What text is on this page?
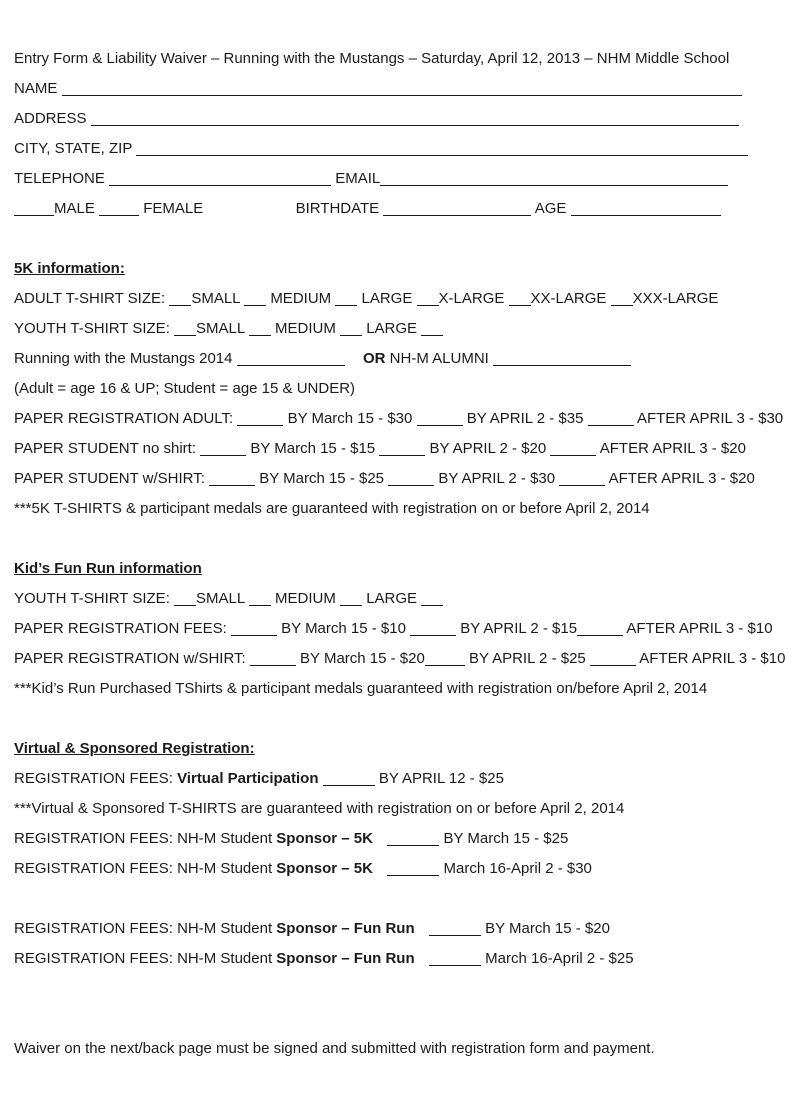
Entry Form & Liability Waiver – Running with the Mustangs – Saturday, April 12, 2013 – NHM Middle School
NAME
ADDRESS
CITY, STATE, ZIP
TELEPHONE	EMAIL
MALE	FEMALE	BIRTHDATE	AGE
5K information:
ADULT T-SHIRT SIZE: SMALL MEDIUM LARGE X-LARGE XX-LARGE XXX-LARGE
YOUTH T-SHIRT SIZE: SMALL MEDIUM LARGE
Running with the Mustangs 2014	OR NH-M ALUMNI
(Adult = age 16 & UP; Student = age 15 & UNDER)
PAPER REGISTRATION ADULT:	BY March 15 - $30	BY APRIL 2 - $35	AFTER APRIL 3 - $30
PAPER STUDENT no shirt:	BY March 15 - $15	BY APRIL 2 - $20	AFTER APRIL 3 - $20
PAPER STUDENT w/SHIRT:	BY March 15 - $25	BY APRIL 2 - $30	AFTER APRIL 3 - $20
***5K T-SHIRTS & participant medals are guaranteed with registration on or before April 2, 2014
Kid’s Fun Run information
YOUTH T-SHIRT SIZE: SMALL MEDIUM LARGE
PAPER REGISTRATION FEES:	BY March 15 - $10	BY APRIL 2 - $15	AFTER APRIL 3 - $10
PAPER REGISTRATION w/SHIRT:	BY March 15 - $20	BY APRIL 2 - $25	AFTER APRIL 3 - $10
***Kid’s Run Purchased TShirts & participant medals guaranteed with registration on/before April 2, 2014
Virtual & Sponsored Registration:
REGISTRATION FEES: Virtual Participation	BY APRIL 12 - $25
***Virtual & Sponsored T-SHIRTS are guaranteed with registration on or before April 2, 2014
REGISTRATION FEES: NH-M Student Sponsor – 5K	BY March 15 - $25
REGISTRATION FEES: NH-M Student Sponsor – 5K	March 16-April 2 - $30
REGISTRATION FEES: NH-M Student Sponsor – Fun Run	BY March 15 - $20
REGISTRATION FEES: NH-M Student Sponsor – Fun Run	March 16-April 2 - $25
Waiver on the next/back page must be signed and submitted with registration form and payment.
